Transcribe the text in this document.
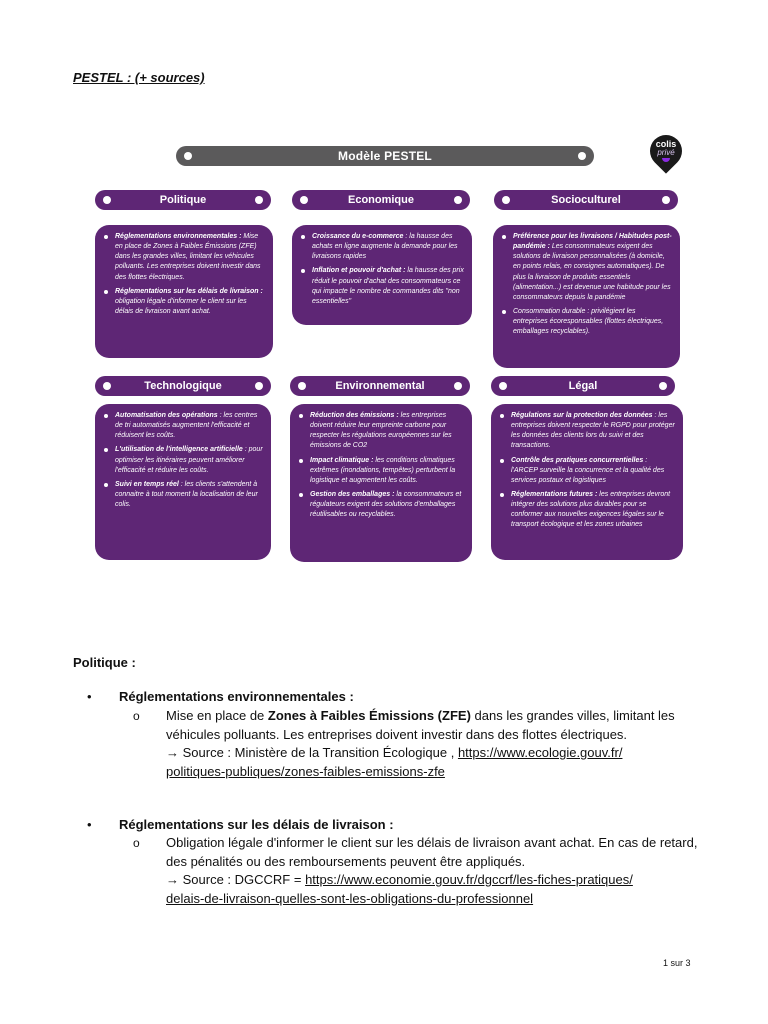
PESTEL : (+ sources)
Modèle PESTEL
colis
privé
Politique	Economique	Socioculturel
Réglementations environnementales : Mise en place de Zones à Faibles Émissions (ZFE) dans les grandes villes, limitant les véhicules polluants. Les entreprises doivent investir dans des flottes électriques.
Réglementations sur les délais de livraison : obligation légale d'informer le client sur les délais de livraison avant achat.
Croissance du e-commerce : la hausse des achats en ligne augmente la demande pour les livraisons rapides
Inflation et pouvoir d'achat : la hausse des prix réduit le pouvoir d'achat des consommateurs ce qui impacte le nombre de commandes dits "non essentielles"
Préférence pour les livraisons / Habitudes post-pandémie : Les consommateurs exigent des solutions de livraison personnalisées (à domicile, en points relais, en consignes automatiques). De plus la livraison de produits essentiels (alimentation...) est devenue une habitude pour les consommateurs depuis la pandémie
Consommation durable : privilégient les entreprises écoresponsables (flottes électriques, emballages recyclables).
Technologique	Environnemental	Légal
Automatisation des opérations : les centres de tri automatisés augmentent l'efficacité et réduisent les coûts.
L'utilisation de l'intelligence artificielle : pour optimiser les itinéraires peuvent améliorer l'efficacité et réduire les coûts.
Suivi en temps réel : les clients s'attendent à connaitre à tout moment la localisation de leur colis.
Réduction des émissions : les entreprises doivent réduire leur empreinte carbone pour respecter les régulations européennes sur les émissions de CO2
Impact climatique : les conditions climatiques extrêmes (inondations, tempêtes) perturbent la logistique et augmentent les coûts.
Gestion des emballages : la consommateurs et régulateurs exigent des solutions d'emballages réutilisables ou recyclables.
Régulations sur la protection des données : les entreprises doivent respecter le RGPD pour protéger les données des clients lors du suivi et des transactions.
Contrôle des pratiques concurrentielles : l'ARCEP surveille la concurrence et la qualité des services postaux et logistiques
Réglementations futures : les entreprises devront intégrer des solutions plus durables pour se conformer aux nouvelles exigences légales sur le transport écologique et les zones urbaines
Politique :
• Réglementations environnementales :
o Mise en place de Zones à Faibles Émissions (ZFE) dans les grandes villes, limitant les véhicules polluants. Les entreprises doivent investir dans des flottes électriques.
→ Source : Ministère de la Transition Écologique , https://www.ecologie.gouv.fr/
politiques-publiques/zones-faibles-emissions-zfe
• Réglementations sur les délais de livraison :
o Obligation légale d'informer le client sur les délais de livraison avant achat. En cas de retard, des pénalités ou des remboursements peuvent être appliqués.
→ Source : DGCCRF = https://www.economie.gouv.fr/dgccrf/les-fiches-pratiques/
delais-de-livraison-quelles-sont-les-obligations-du-professionnel
1 sur 3
